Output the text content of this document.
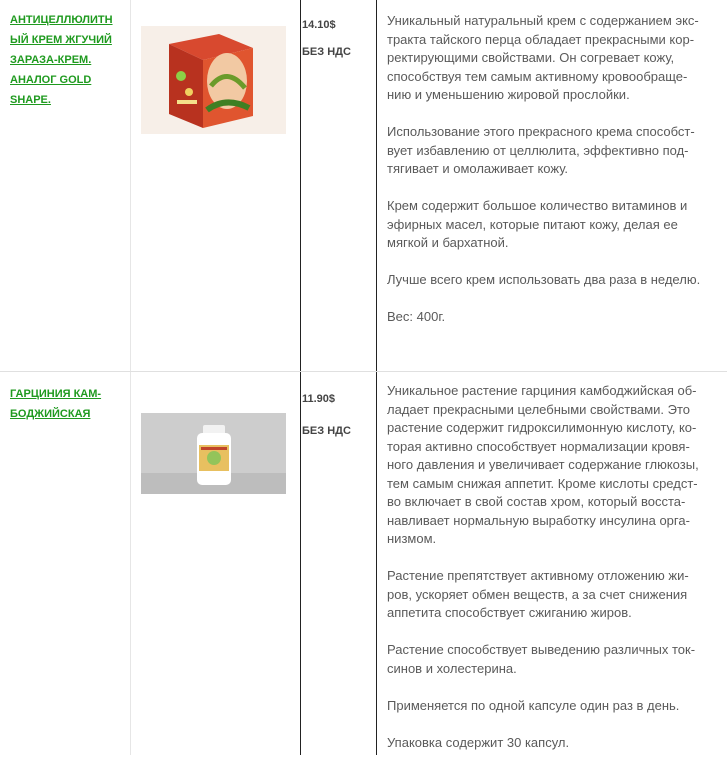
АНТИЦЕЛЛЮЛИТН
ЫЙ КРЕМ ЖГУЧИЙ
ЗАРАЗА-КРЕМ.
АНАЛОГ GOLD
SHAPE.
14.10$
БЕЗ НДС

Уникальный натуральный крем с содержанием экс-
тракта тайского перца обладает прекрасными кор-
ректирующими свойствами. Он согревает кожу,
способствуя тем самым активному кровообраще-
нию и уменьшению жировой прослойки.

Использование этого прекрасного крема способст-
вует избавлению от целлюлита, эффективно под-
тягивает и омолаживает кожу.

Крем содержит большое количество витаминов и
эфирных масел, которые питают кожу, делая ее
мягкой и бархатной.

Лучше всего крем использовать два раза в неделю.

Вес: 400г.

ГАРЦИНИЯ КАМ-
БОДЖИЙСКАЯ
11.90$
БЕЗ НДС

Уникальное растение гарциния камбоджийская об-
ладает прекрасными целебными свойствами. Это
растение содержит гидроксилимонную кислоту, ко-
торая активно способствует нормализации кровя-
ного давления и увеличивает содержание глюкозы,
тем самым снижая аппетит. Кроме кислоты средст-
во включает в свой состав хром, который восста-
навливает нормальную выработку инсулина орга-
низмом.

Растение препятствует активному отложению жи-
ров, ускоряет обмен веществ, а за счет снижения
аппетита способствует сжиганию жиров.

Растение способствует выведению различных ток-
синов и холестерина.

Применяется по одной капсуле один раз в день.

Упаковка содержит 30 капсул.
